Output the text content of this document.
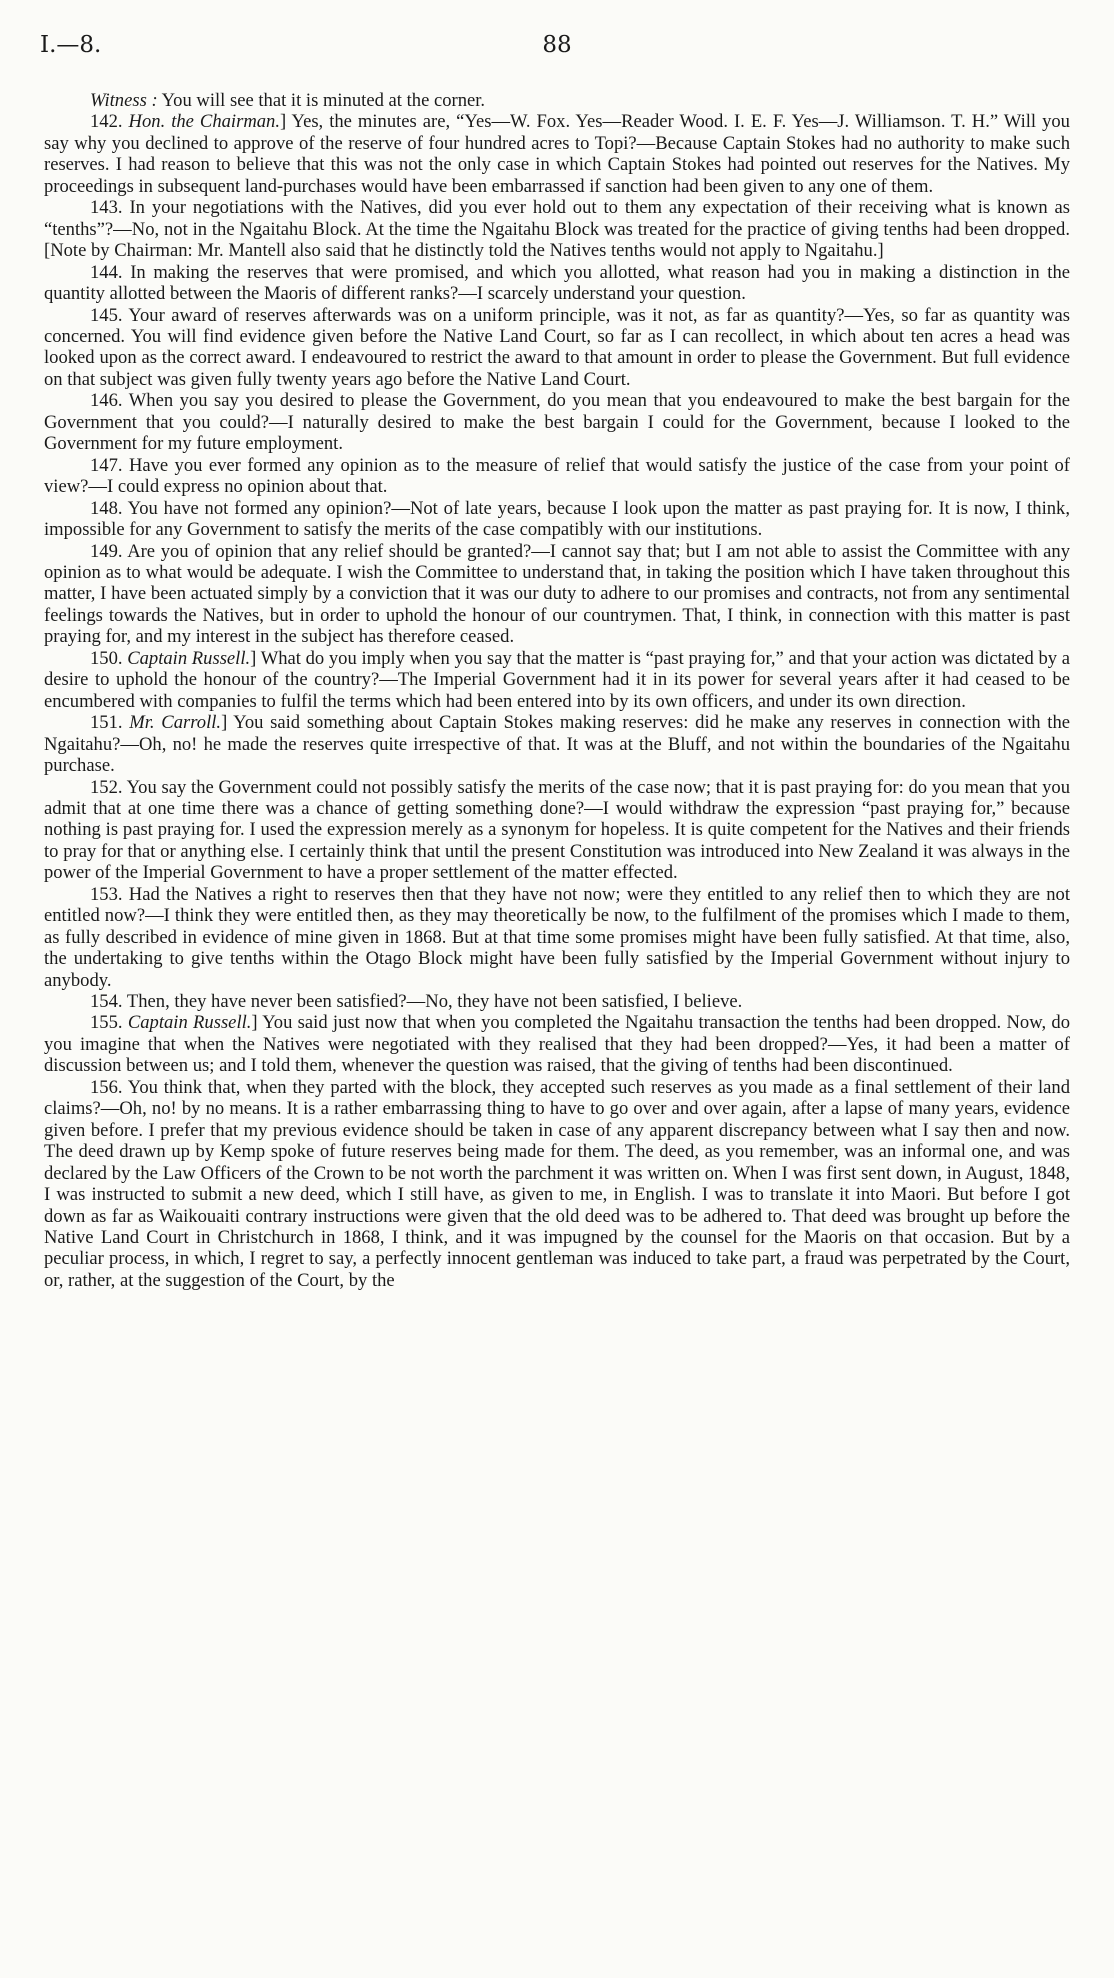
I.—8.	88

Witness : You will see that it is minuted at the corner.

142. Hon. the Chairman.] Yes, the minutes are, “Yes—W. Fox. Yes—Reader Wood. I. E. F. Yes—J. Williamson. T. H.” Will you say why you declined to approve of the reserve of four hundred acres to Topi?—Because Captain Stokes had no authority to make such reserves. I had reason to believe that this was not the only case in which Captain Stokes had pointed out reserves for the Natives. My proceedings in subsequent land-purchases would have been embarrassed if sanction had been given to any one of them.

143. In your negotiations with the Natives, did you ever hold out to them any expectation of their receiving what is known as “tenths”?—No, not in the Ngaitahu Block. At the time the Ngaitahu Block was treated for the practice of giving tenths had been dropped. [Note by Chairman: Mr. Mantell also said that he distinctly told the Natives tenths would not apply to Ngaitahu.]

144. In making the reserves that were promised, and which you allotted, what reason had you in making a distinction in the quantity allotted between the Maoris of different ranks?—I scarcely understand your question.

145. Your award of reserves afterwards was on a uniform principle, was it not, as far as quantity?—Yes, so far as quantity was concerned. You will find evidence given before the Native Land Court, so far as I can recollect, in which about ten acres a head was looked upon as the correct award. I endeavoured to restrict the award to that amount in order to please the Government. But full evidence on that subject was given fully twenty years ago before the Native Land Court.

146. When you say you desired to please the Government, do you mean that you endeavoured to make the best bargain for the Government that you could?—I naturally desired to make the best bargain I could for the Government, because I looked to the Government for my future employment.

147. Have you ever formed any opinion as to the measure of relief that would satisfy the justice of the case from your point of view?—I could express no opinion about that.

148. You have not formed any opinion?—Not of late years, because I look upon the matter as past praying for. It is now, I think, impossible for any Government to satisfy the merits of the case compatibly with our institutions.

149. Are you of opinion that any relief should be granted?—I cannot say that; but I am not able to assist the Committee with any opinion as to what would be adequate. I wish the Committee to understand that, in taking the position which I have taken throughout this matter, I have been actuated simply by a conviction that it was our duty to adhere to our promises and contracts, not from any sentimental feelings towards the Natives, but in order to uphold the honour of our countrymen. That, I think, in connection with this matter is past praying for, and my interest in the subject has therefore ceased.

150. Captain Russell.] What do you imply when you say that the matter is “past praying for,” and that your action was dictated by a desire to uphold the honour of the country?—The Imperial Government had it in its power for several years after it had ceased to be encumbered with companies to fulfil the terms which had been entered into by its own officers, and under its own direction.

151. Mr. Carroll.] You said something about Captain Stokes making reserves: did he make any reserves in connection with the Ngaitahu?—Oh, no! he made the reserves quite irrespective of that. It was at the Bluff, and not within the boundaries of the Ngaitahu purchase.

152. You say the Government could not possibly satisfy the merits of the case now; that it is past praying for: do you mean that you admit that at one time there was a chance of getting something done?—I would withdraw the expression “past praying for,” because nothing is past praying for. I used the expression merely as a synonym for hopeless. It is quite competent for the Natives and their friends to pray for that or anything else. I certainly think that until the present Constitution was introduced into New Zealand it was always in the power of the Imperial Government to have a proper settlement of the matter effected.

153. Had the Natives a right to reserves then that they have not now; were they entitled to any relief then to which they are not entitled now?—I think they were entitled then, as they may theoretically be now, to the fulfilment of the promises which I made to them, as fully described in evidence of mine given in 1868. But at that time some promises might have been fully satisfied. At that time, also, the undertaking to give tenths within the Otago Block might have been fully satisfied by the Imperial Government without injury to anybody.

154. Then, they have never been satisfied?—No, they have not been satisfied, I believe.

155. Captain Russell.] You said just now that when you completed the Ngaitahu transaction the tenths had been dropped. Now, do you imagine that when the Natives were negotiated with they realised that they had been dropped?—Yes, it had been a matter of discussion between us; and I told them, whenever the question was raised, that the giving of tenths had been discontinued.

156. You think that, when they parted with the block, they accepted such reserves as you made as a final settlement of their land claims?—Oh, no! by no means. It is a rather embarrassing thing to have to go over and over again, after a lapse of many years, evidence given before. I prefer that my previous evidence should be taken in case of any apparent discrepancy between what I say then and now. The deed drawn up by Kemp spoke of future reserves being made for them. The deed, as you remember, was an informal one, and was declared by the Law Officers of the Crown to be not worth the parchment it was written on. When I was first sent down, in August, 1848, I was instructed to submit a new deed, which I still have, as given to me, in English. I was to translate it into Maori. But before I got down as far as Waikouaiti contrary instructions were given that the old deed was to be adhered to. That deed was brought up before the Native Land Court in Christchurch in 1868, I think, and it was impugned by the counsel for the Maoris on that occasion. But by a peculiar process, in which, I regret to say, a perfectly innocent gentleman was induced to take part, a fraud was perpetrated by the Court, or, rather, at the suggestion of the Court, by the
